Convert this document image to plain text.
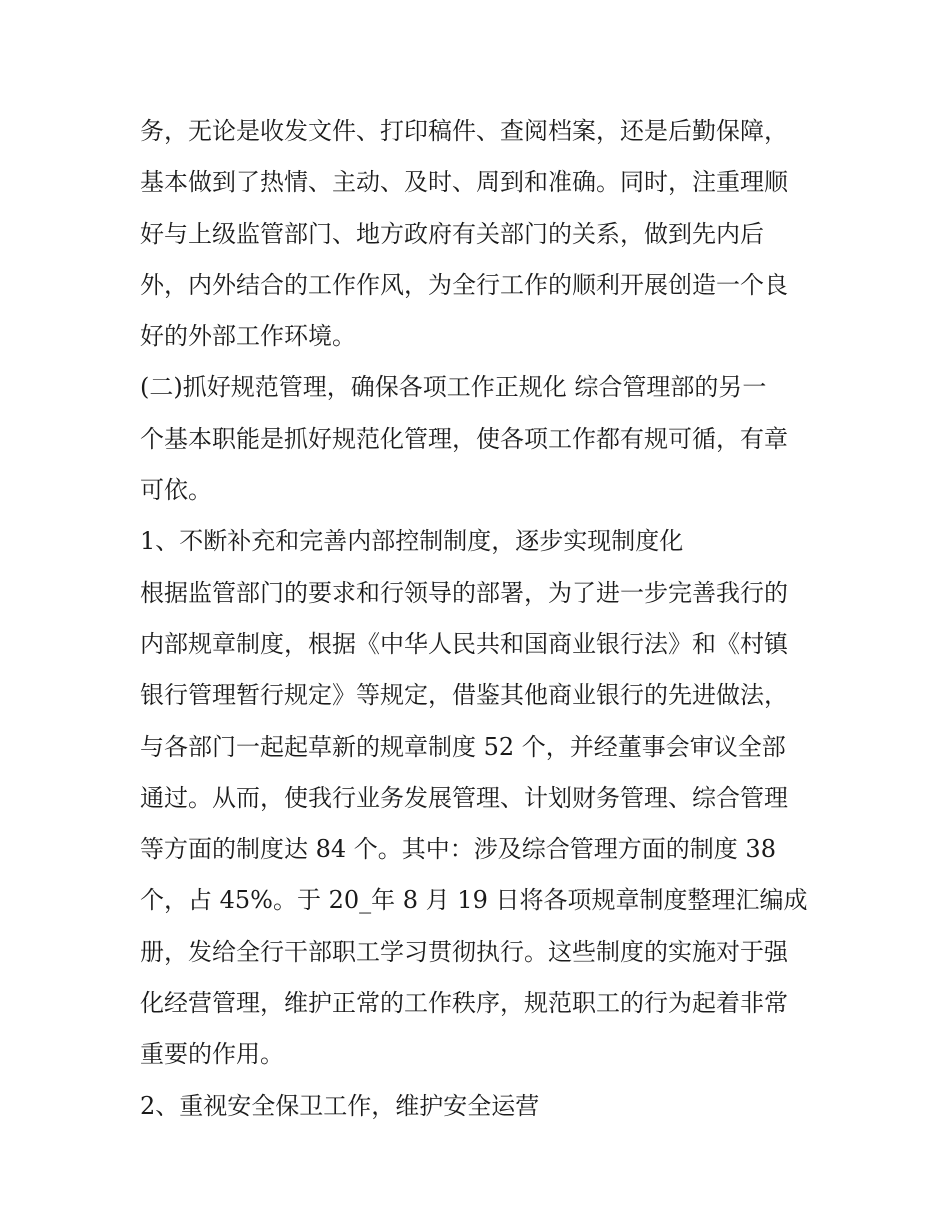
务，无论是收发文件、打印稿件、查阅档案，还是后勤保障，
基本做到了热情、主动、及时、周到和准确。同时，注重理顺
好与上级监管部门、地方政府有关部门的关系，做到先内后
外，内外结合的工作作风，为全行工作的顺利开展创造一个良
好的外部工作环境。
(二)抓好规范管理，确保各项工作正规化 综合管理部的另一
个基本职能是抓好规范化管理，使各项工作都有规可循，有章
可依。
1、不断补充和完善内部控制制度，逐步实现制度化
根据监管部门的要求和行领导的部署，为了进一步完善我行的
内部规章制度，根据《中华人民共和国商业银行法》和《村镇
银行管理暂行规定》等规定，借鉴其他商业银行的先进做法，
与各部门一起起草新的规章制度 52 个，并经董事会审议全部
通过。从而，使我行业务发展管理、计划财务管理、综合管理
等方面的制度达 84 个。其中：涉及综合管理方面的制度 38
个，占 45%。于 20_年 8 月 19 日将各项规章制度整理汇编成
册，发给全行干部职工学习贯彻执行。这些制度的实施对于强
化经营管理，维护正常的工作秩序，规范职工的行为起着非常
重要的作用。
2、重视安全保卫工作，维护安全运营
